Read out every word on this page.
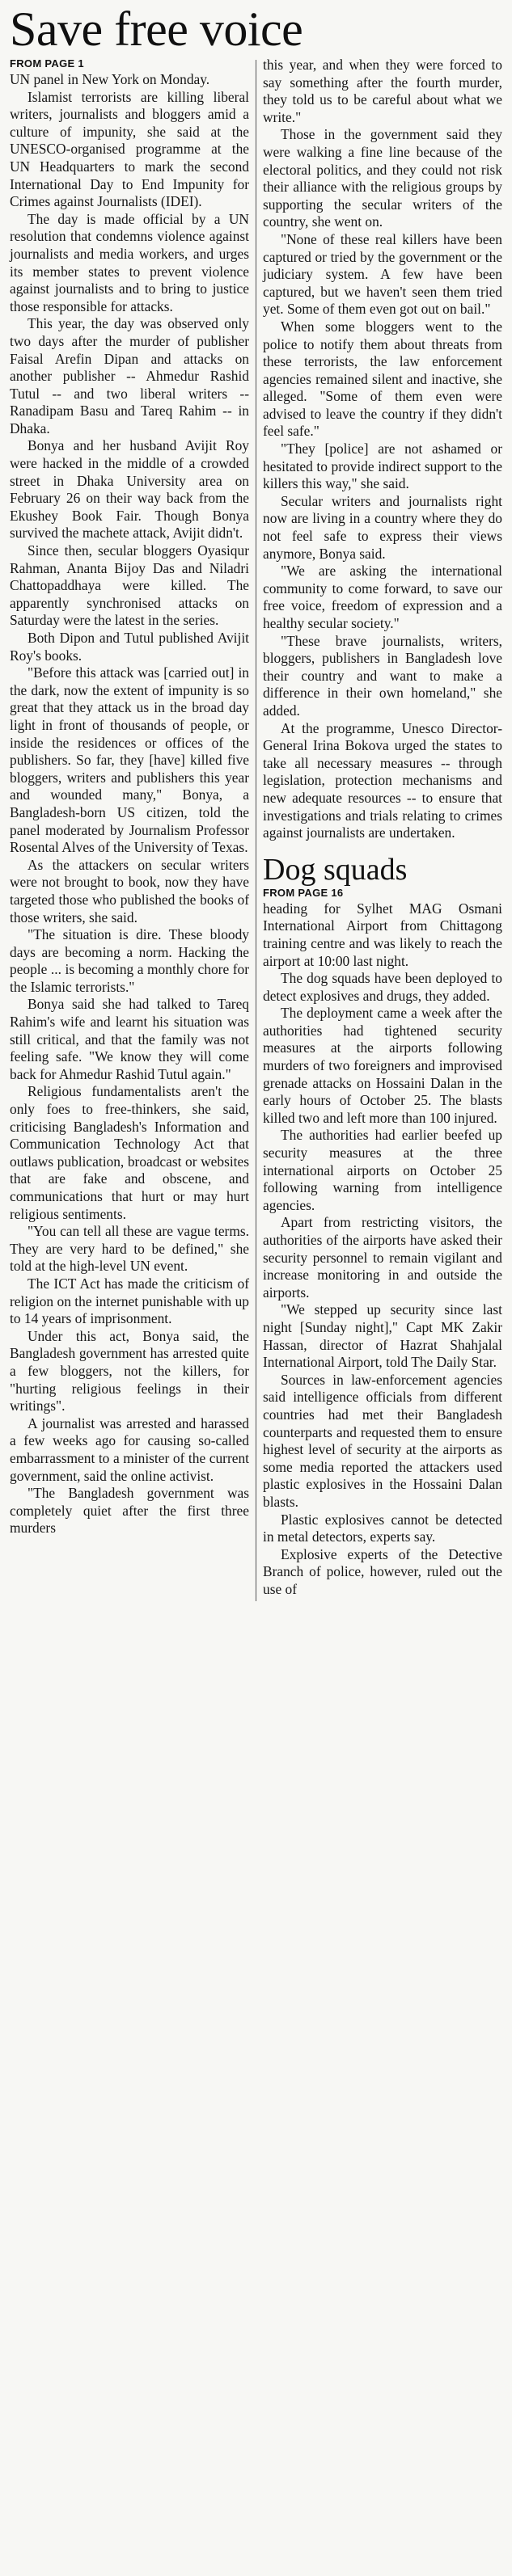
Save free voice
FROM PAGE 1

UN panel in New York on Monday.

Islamist terrorists are killing liberal writers, journalists and bloggers amid a culture of impunity, she said at the UNESCO-organised programme at the UN Headquarters to mark the second International Day to End Impunity for Crimes against Journalists (IDEI).

The day is made official by a UN resolution that condemns violence against journalists and media workers, and urges its member states to prevent violence against journalists and to bring to justice those responsible for attacks.

This year, the day was observed only two days after the murder of publisher Faisal Arefin Dipan and attacks on another publisher -- Ahmedur Rashid Tutul -- and two liberal writers -- Ranadipam Basu and Tareq Rahim -- in Dhaka.

Bonya and her husband Avijit Roy were hacked in the middle of a crowded street in Dhaka University area on February 26 on their way back from the Ekushey Book Fair. Though Bonya survived the machete attack, Avijit didn't.

Since then, secular bloggers Oyasiqur Rahman, Ananta Bijoy Das and Niladri Chattopaddhaya were killed. The apparently synchronised attacks on Saturday were the latest in the series.

Both Dipon and Tutul published Avijit Roy's books.

"Before this attack was [carried out] in the dark, now the extent of impunity is so great that they attack us in the broad day light in front of thousands of people, or inside the residences or offices of the publishers. So far, they [have] killed five bloggers, writers and publishers this year and wounded many," Bonya, a Bangladesh-born US citizen, told the panel moderated by Journalism Professor Rosental Alves of the University of Texas.

As the attackers on secular writers were not brought to book, now they have targeted those who published the books of those writers, she said.

"The situation is dire. These bloody days are becoming a norm. Hacking the people ... is becoming a monthly chore for the Islamic terrorists."

Bonya said she had talked to Tareq Rahim's wife and learnt his situation was still critical, and that the family was not feeling safe. "We know they will come back for Ahmedur Rashid Tutul again."

Religious fundamentalists aren't the only foes to free-thinkers, she said, criticising Bangladesh's Information and Communication Technology Act that outlaws publication, broadcast or websites that are fake and obscene, and communications that hurt or may hurt religious sentiments.

"You can tell all these are vague terms. They are very hard to be defined," she told at the high-level UN event.

The ICT Act has made the criticism of religion on the internet punishable with up to 14 years of imprisonment.

Under this act, Bonya said, the Bangladesh government has arrested quite a few bloggers, not the killers, for "hurting religious feelings in their writings".

A journalist was arrested and harassed a few weeks ago for causing so-called embarrassment to a minister of the current government, said the online activist.

"The Bangladesh government was completely quiet after the first three murders

this year, and when they were forced to say something after the fourth murder, they told us to be careful about what we write."

Those in the government said they were walking a fine line because of the electoral politics, and they could not risk their alliance with the religious groups by supporting the secular writers of the country, she went on.

"None of these real killers have been captured or tried by the government or the judiciary system. A few have been captured, but we haven't seen them tried yet. Some of them even got out on bail."

When some bloggers went to the police to notify them about threats from these terrorists, the law enforcement agencies remained silent and inactive, she alleged. "Some of them even were advised to leave the country if they didn't feel safe."

"They [police] are not ashamed or hesitated to provide indirect support to the killers this way," she said.

Secular writers and journalists right now are living in a country where they do not feel safe to express their views anymore, Bonya said.

"We are asking the international community to come forward, to save our free voice, freedom of expression and a healthy secular society."

"These brave journalists, writers, bloggers, publishers in Bangladesh love their country and want to make a difference in their own homeland," she added.

At the programme, Unesco Director-General Irina Bokova urged the states to take all necessary measures -- through legislation, protection mechanisms and new adequate resources -- to ensure that investigations and trials relating to crimes against journalists are undertaken.

Dog squads
FROM PAGE 16

heading for Sylhet MAG Osmani International Airport from Chittagong training centre and was likely to reach the airport at 10:00 last night.

The dog squads have been deployed to detect explosives and drugs, they added.

The deployment came a week after the authorities had tightened security measures at the airports following murders of two foreigners and improvised grenade attacks on Hossaini Dalan in the early hours of October 25. The blasts killed two and left more than 100 injured.

The authorities had earlier beefed up security measures at the three international airports on October 25 following warning from intelligence agencies.

Apart from restricting visitors, the authorities of the airports have asked their security personnel to remain vigilant and increase monitoring in and outside the airports.

"We stepped up security since last night [Sunday night]," Capt MK Zakir Hassan, director of Hazrat Shahjalal International Airport, told The Daily Star.

Sources in law-enforcement agencies said intelligence officials from different countries had met their Bangladesh counterparts and requested them to ensure highest level of security at the airports as some media reported the attackers used plastic explosives in the Hossaini Dalan blasts.

Plastic explosives cannot be detected in metal detectors, experts say.

Explosive experts of the Detective Branch of police, however, ruled out the use of
